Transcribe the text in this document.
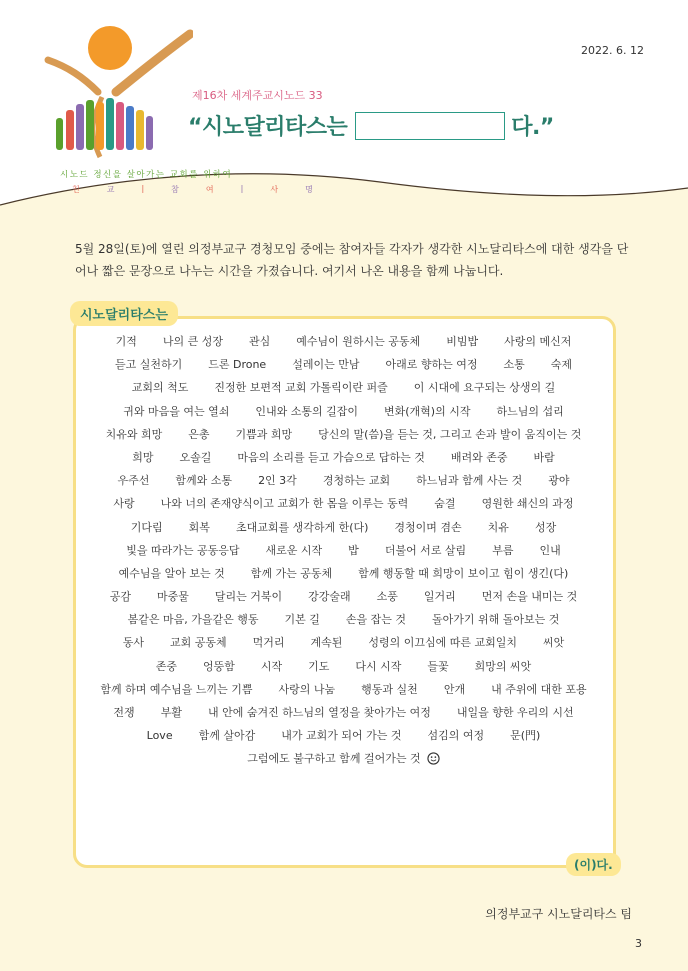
2022. 6. 12
제16차 세계주교시노드 33
“시노달리타스는	다.”
시노드 정신을 살아가는 교회를 위하여
친	교	|	참	여	|	사	명
5월 28일(토)에 열린 의정부교구 경청모임 중에는 참여자들 각자가 생각한 시노달리타스에 대한 생각을 단어나 짧은 문장으로 나누는 시간을 가졌습니다. 여기서 나온 내용을 함께 나눕니다.
시노달리타스는
기적 나의 큰 성장 관심 예수님이 원하시는 공동체 비빔밥 사랑의 메신저
듣고 실천하기 드론 Drone 설레이는 만남 아래로 향하는 여정 소통 숙제
교회의 척도 진정한 보편적 교회 가톨릭이란 퍼즐 이 시대에 요구되는 상생의 길
귀와 마음을 여는 열쇠 인내와 소통의 길잡이 변화(개혁)의 시작 하느님의 섭리
치유와 희망 은총 기쁨과 희망 당신의 말(씀)을 듣는 것, 그리고 손과 발이 움직이는 것
희망 오솔길 마음의 소리를 듣고 가슴으로 답하는 것 배려와 존중 바람
우주선 함께와 소통 2인 3각 경청하는 교회 하느님과 함께 사는 것 광야
사랑 나와 너의 존재양식이고 교회가 한 몸을 이루는 동력 숨결 영원한 쇄신의 과정
기다림 회복 초대교회를 생각하게 한(다) 경청이며 겸손 치유 성장
빛을 따라가는 공동응답 새로운 시작 밥 더불어 서로 살림 부름 인내
예수님을 알아 보는 것 함께 가는 공동체 함께 행동할 때 희망이 보이고 힘이 생긴(다)
공감 마중물 달리는 거북이 강강술래 소풍 일거리 먼저 손을 내미는 것
봄같은 마음, 가을같은 행동 기본 길 손을 잡는 것 돌아가기 위해 돌아보는 것
동사 교회 공동체 먹거리 계속된 성령의 이끄심에 따른 교회일치 씨앗
존중 엉뚱함 시작 기도 다시 시작 들꽃 희망의 씨앗
함께 하며 예수님을 느끼는 기쁨 사랑의 나눔 행동과 실천 안개 내 주위에 대한 포용
전쟁 부활 내 안에 숨겨진 하느님의 열정을 찾아가는 여정 내일을 향한 우리의 시선
Love 함께 살아감 내가 교회가 되어 가는 것 섬김의 여정 문(門)
그럼에도 불구하고 함께 걸어가는 것
(이)다.
의정부교구 시노달리타스 팀
3
